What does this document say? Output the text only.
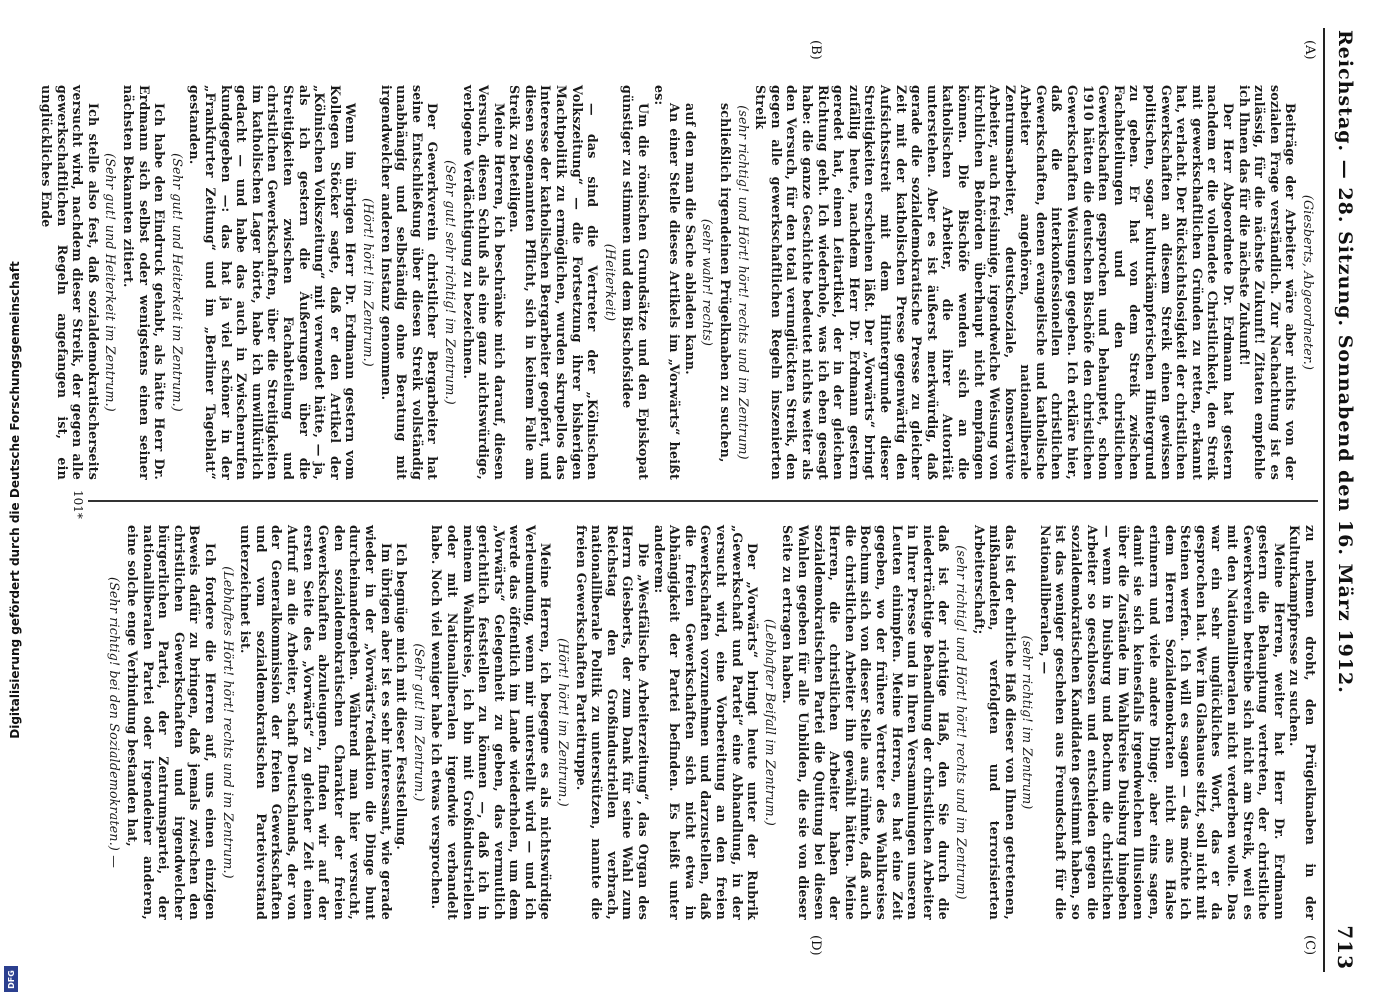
Reichstag. — 28. Sitzung. Sonnabend den 16. März 1912.
713
(A)
(B)
(C)
(D)

(Giesberts, Abgeordneter.)

Beiträge der Arbeiter wäre aber nichts von der sozialen Frage verständlich. Zur Nachachtung ist es zulässig, für die nächste Zukunft! Zitaten empfehle ich Ihnen das für die nächste Zukunft!

Der Herr Abgeordnete Dr. Erdmann hat gestern nachdem er die vollendete Christlichkeit, den Streik mit gewerkschaftlichen Gründen zu retten, erkannt hat, verlacht. Der Rücksichtslosigkeit der christlichen Gewerkschaften an diesem Streik einen gewissen politischen, sogar kulturkämpferischen Hintergrund zu geben. Er hat von dem Streik zwischen Fachabteilungen und den christlichen Gewerkschaften gesprochen und behauptet, schon 1910 hätten die deutschen Bischöfe den christlichen Gewerkschaften Weisungen gegeben. Ich erkläre hier, daß die interkonfessionellen christlichen Gewerkschaften, denen evangelische und katholische Arbeiter angehören, nationalliberale Zentrumsarbeiter, deutschsoziale, konservative Arbeiter, auch freisinnige, irgendwelche Weisung von kirchlichen Behörden überhaupt nicht empfangen können. Die Bischöfe wenden sich an die katholischen Arbeiter, die ihrer Autorität unterstehen. Aber es ist äußerst merkwürdig, daß gerade die sozialdemokratische Presse zu gleicher Zeit mit der katholischen Presse gegenwärtig den Aufsichtsstreit mit dem Hintergrunde dieser Streitigkeiten erscheinen läßt. Der „Vorwärts“ bringt zufällig heute, nachdem Herr Dr. Erdmann gestern geredet hat, einen Leitartikel, der in der gleichen Richtung geht. Ich wiederhole, was ich eben gesagt habe: die ganze Geschichte bedeutet nichts weiter als den Versuch, für den total verunglückten Streik, den gegen alle gewerkschaftlichen Regeln inszenierten Streik

(sehr richtig! und Hört! hört! rechts und im Zentrum)

schließlich irgendeinen Prügelknaben zu suchen,

(sehr wahr! rechts)

auf den man die Sache abladen kann.

An einer Stelle dieses Artikels im „Vorwärts“ heißt es:

Um die römischen Grundsätze und den Episkopat günstiger zu stimmen und dem Bischofsidee

(Heiterkeit)

— das sind die Vertreter der „Kölnischen Volkszeitung“ — die Fortsetzung ihrer bisherigen Machtpolitik zu ermöglichen, wurden skrupellos das Interesse der katholischen Bergarbeiter geopfert, und diesen sogenannten Pflicht, sich in keinem Falle am Streik zu beteiligen.

Meine Herren, ich beschränke mich darauf, diesen Versuch, diesen Schluß als eine ganz nichtswürdige, verlogene Verdächtigung zu bezeichnen.

(Sehr gut! sehr richtig! im Zentrum.)

Der Gewerkverein christlicher Bergarbeiter hat seine Entschließung über diesen Streik vollständig unabhängig und selbständig ohne Beratung mit irgendwelcher anderen Instanz genommen.

(Hört! hört! im Zentrum.)

Wenn im übrigen Herr Dr. Erdmann gestern vom Kollegen Stöcker sagte, daß er den Artikel der „Kölnischen Volkszeitung“ mit verwendet hätte, — ja, als ich gestern die Äußerungen über die Streitigkeiten zwischen Fachabteilung und christlichen Gewerkschaften, über die Streitigkeiten im katholischen Lager hörte, habe ich unwillkürlich gedacht — und habe das auch in Zwischenrufen kundgegeben —: das hat ja viel schöner in der „Frankfurter Zeitung“ und im „Berliner Tageblatt“ gestanden.

(Sehr gut! und Heiterkeit im Zentrum.)

Ich habe den Eindruck gehabt, als hätte Herr Dr. Erdmann sich selbst oder wenigstens einen seiner nächsten Bekannten zitiert.

(Sehr gut! und Heiterkeit im Zentrum.)

Ich stelle also fest, daß sozialdemokratischerseits versucht wird, nachdem dieser Streik, der gegen alle gewerkschaftlichen Regeln angefangen ist, ein unglückliches Ende

zu nehmen droht, den Prügelknaben in der Kulturkampfpresse zu suchen.

Meine Herren, weiter hat Herr Dr. Erdmann gestern die Behauptung vertreten, der christliche Gewerkverein betreibe sich nicht am Streik, weil es mit den Nationalliberalen nicht verderben wolle. Das war ein sehr unglückliches Wort, das er da gesprochen hat. Wer im Glashause sitzt, soll nicht mit Steinen werfen. Ich will es sagen — das möchte ich dem Herren Sozialdemokraten nicht ans Halse erinnern und viele andere Dinge; aber eins sagen, damit sie sich keinesfalls irgendwelchen Illusionen über die Zustände im Wahlkreise Duisburg hingeben — wenn in Duisburg und Bochum die christlichen Arbeiter so geschlossen und entschieden gegen die sozialdemokratischen Kandidaten gestimmt haben, so ist das weniger geschehen aus Freundschaft für die Nationalliberalen, —

(sehr richtig! im Zentrum)

das ist der ehrliche Haß dieser von Ihnen getretenen, mißhandelten, verfolgten und terrorisierten Arbeiterschaft;

(sehr richtig! und Hört! hört! rechts und im Zentrum)

daß ist der richtige Haß, den Sie durch die niederträchtige Behandlung der christlichen Arbeiter in Ihrer Presse und in Ihren Versammlungen unseren Leuten einimpfen. Meine Herren, es hat eine Zeit gegeben, wo der frühere Vertreter des Wahlkreises Bochum sich von dieser Stelle aus rühmte, daß auch die christlichen Arbeiter ihn gewählt hätten. Meine Herren, die christlichen Arbeiter haben der sozialdemokratischen Partei die Quittung bei diesen Wahlen gegeben für alle Unbilden, die sie von dieser Seite zu ertragen haben.

(Lebhafter Beifall im Zentrum.)

Der „Vorwärts“ bringt heute unter der Rubrik „Gewerkschaft und Partei“ eine Abhandlung, in der versucht wird, eine Vorbereitung an den freien Gewerkschaften vorzunehmen und darzustellen, daß die freien Gewerkschaften sich nicht etwa in Abhängigkeit der Partei befinden. Es heißt unter anderem:

Die „Westfälische Arbeiterzeitung“, das Organ des Herrn Giesberts, der zum Dank für seine Wahl zum Reichstag den Großindustriellen verbrach, nationalliberale Politik zu unterstützen, nannte die freien Gewerkschaften Parteitruppe.

(Hört! hört! im Zentrum.)

Meine Herren, ich begegne es als nichtswürdige Verleumdung, wenn mir unterstellt wird — und ich werde das öffentlich im Lande wiederholen, um dem „Vorwärts“ Gelegenheit zu geben, das vermutlich gerichtlich feststellen zu können —, daß ich in meinem Wahlkreise, ich bin mit Großindustriellen oder mit Nationalliberalen irgendwie verbandelt habe. Noch viel weniger habe ich etwas versprochen.

(Sehr gut! im Zentrum.)

Ich begnüge mich mit dieser Feststellung.

Im übrigen aber ist es sehr interessant, wie gerade wieder in der „Vorwärts“redaktion die Dinge bunt durcheinandergehen. Während man hier versucht, den sozialdemokratischen Charakter der freien Gewerkschaften abzuleugnen, finden wir auf der ersten Seite des „Vorwärts“ zu gleicher Zeit einen Aufruf an die Arbeiter, schaft Deutschlands, der von der Generalkommission der freien Gewerkschaften und vom sozialdemokratischen Parteivorstand unterzeichnet ist.

(Lebhaftes Hört! hört! rechts und im Zentrum.)

Ich fordere die Herren auf, uns einen einzigen Beweis dafür zu bringen, daß jemals zwischen den christlichen Gewerkschaften und irgendwelcher bürgerlichen Partei, der Zentrumspartei, der nationalliberalen Partei oder irgendeiner anderen, eine solche enge Verbindung bestanden hat,

(Sehr richtig! bei den Sozialdemokraten.) —

101*
Digitalisierung gefördert durch die Deutsche Forschungsgemeinschaft
DFG
